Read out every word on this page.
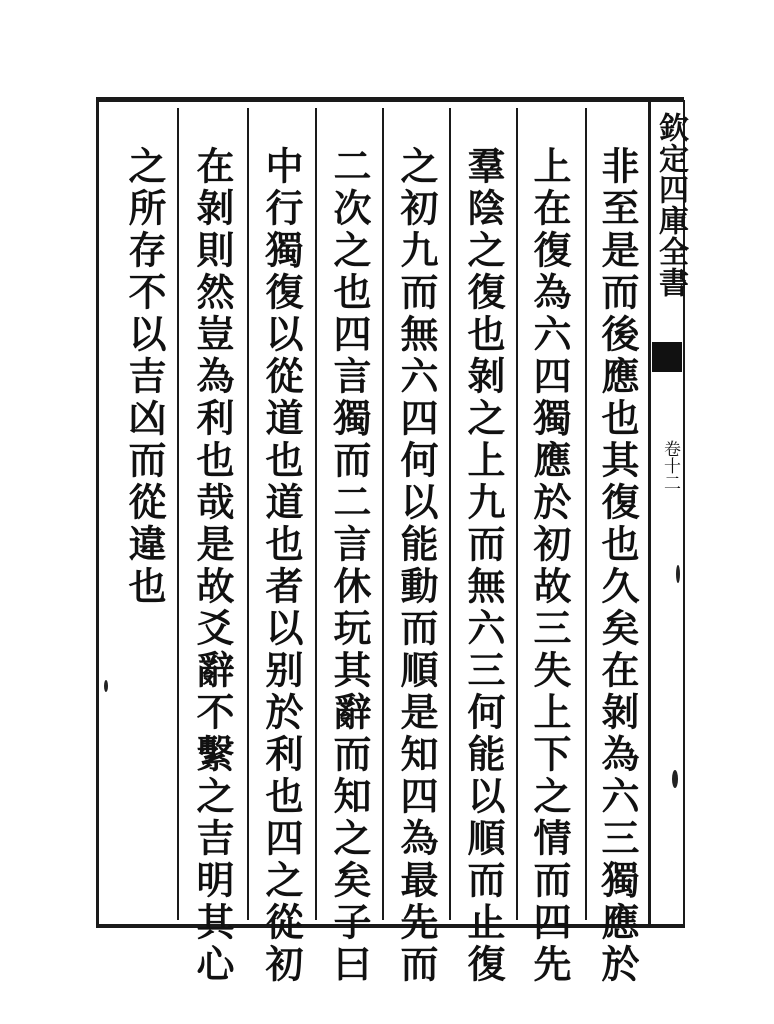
欽定四庫全書
卷十二
非至是而後應也其復也久矣在剝為六三獨應於
上在復為六四獨應於初故三失上下之情而四先
羣陰之復也剝之上九而無六三何能以順而止復
之初九而無六四何以能動而順是知四為最先而
二次之也四言獨而二言休玩其辭而知之矣子曰
中行獨復以從道也道也者以别於利也四之從初
在剝則然豈為利也哉是故爻辭不繫之吉明其心
之所存不以吉凶而從違也
